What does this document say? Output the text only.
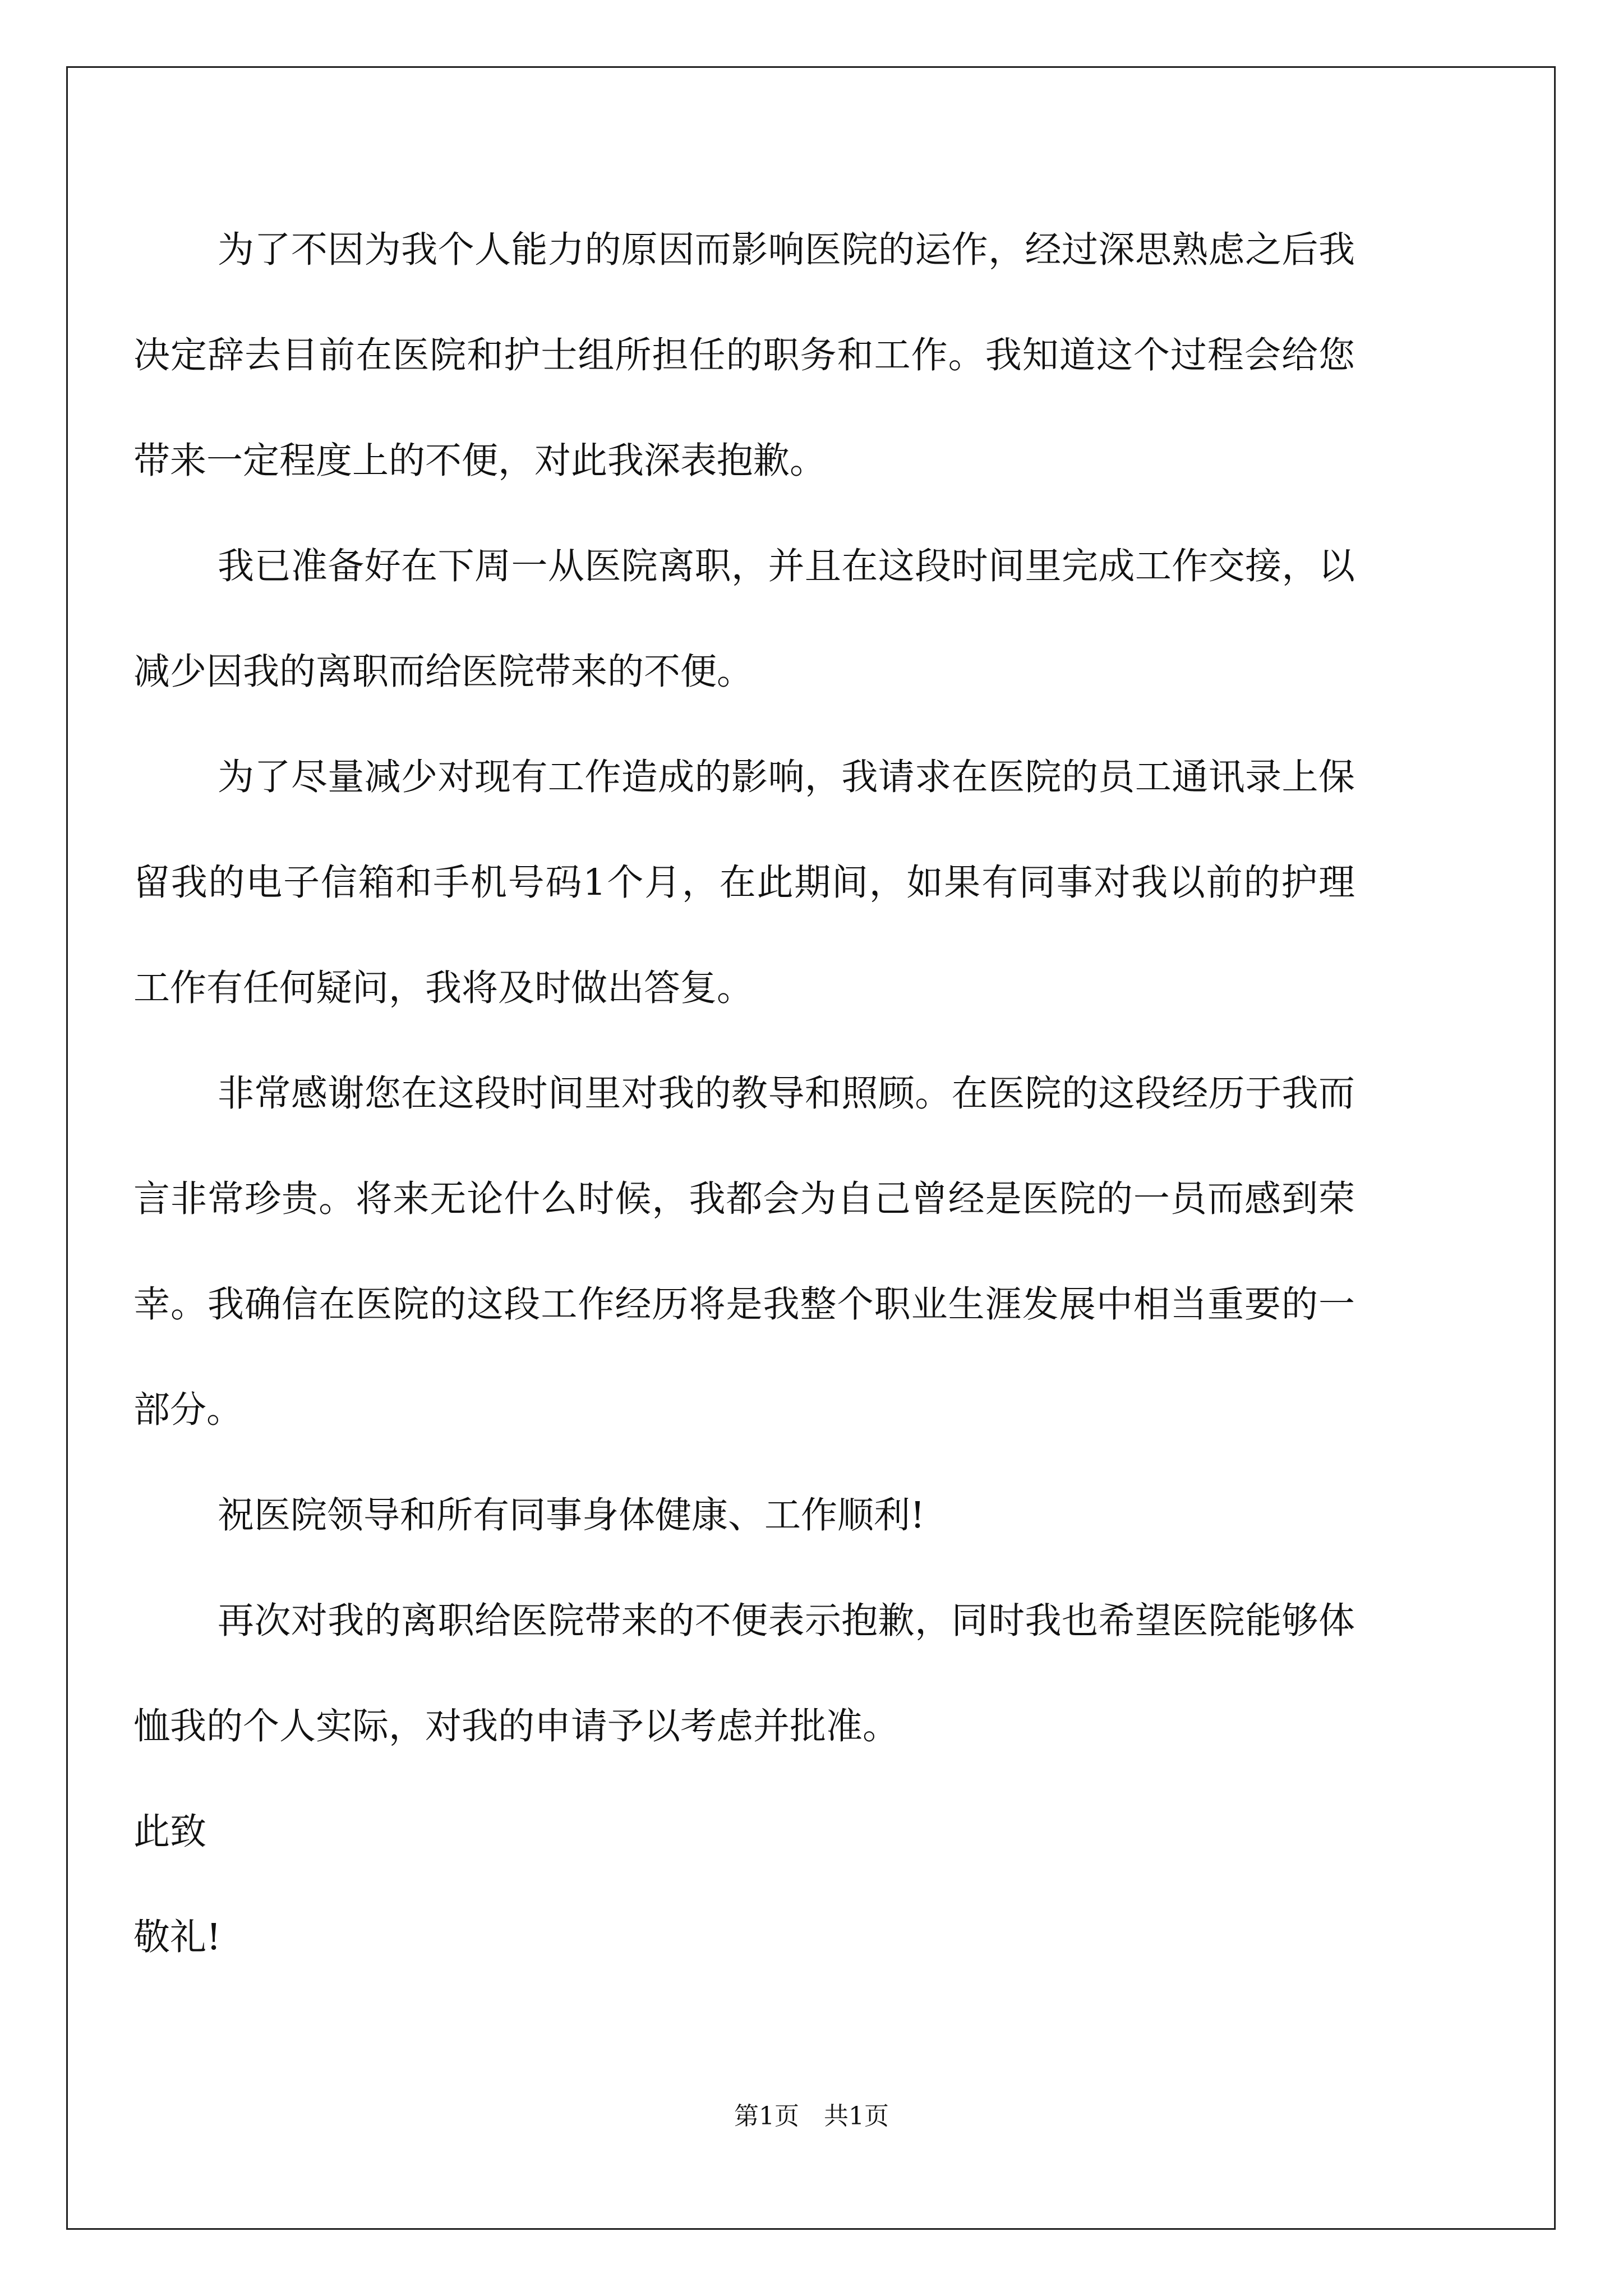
为了不因为我个人能力的原因而影响医院的运作，经过深思熟虑之后我决定辞去目前在医院和护士组所担任的职务和工作。我知道这个过程会给您带来一定程度上的不便，对此我深表抱歉。

我已准备好在下周一从医院离职，并且在这段时间里完成工作交接，以减少因我的离职而给医院带来的不便。

为了尽量减少对现有工作造成的影响，我请求在医院的员工通讯录上保留我的电子信箱和手机号码1个月，在此期间，如果有同事对我以前的护理工作有任何疑问，我将及时做出答复。

非常感谢您在这段时间里对我的教导和照顾。在医院的这段经历于我而言非常珍贵。将来无论什么时候，我都会为自己曾经是医院的一员而感到荣幸。我确信在医院的这段工作经历将是我整个职业生涯发展中相当重要的一部分。

祝医院领导和所有同事身体健康、工作顺利!

再次对我的离职给医院带来的不便表示抱歉，同时我也希望医院能够体恤我的个人实际，对我的申请予以考虑并批准。

此致

敬礼!

第1页　共1页
